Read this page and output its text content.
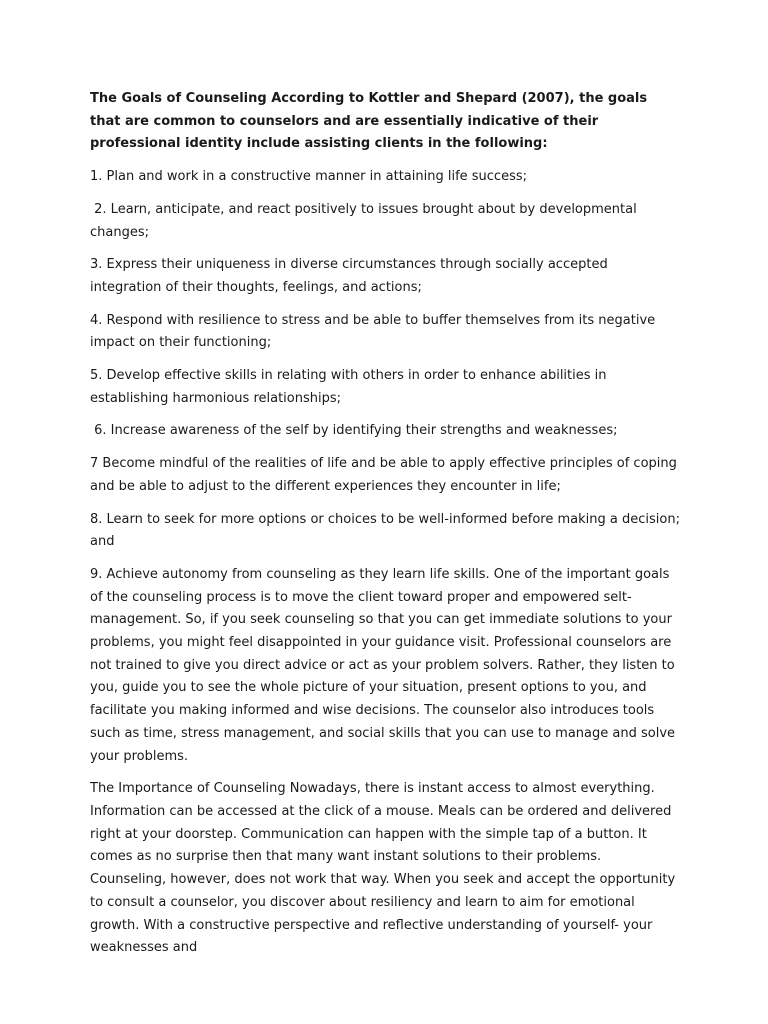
The Goals of Counseling According to Kottler and Shepard (2007), the goals that are common to counselors and are essentially indicative of their professional identity include assisting clients in the following:

1. Plan and work in a constructive manner in attaining life success;

2. Learn, anticipate, and react positively to issues brought about by developmental changes;

3. Express their uniqueness in diverse circumstances through socially accepted integration of their thoughts, feelings, and actions;

4. Respond with resilience to stress and be able to buffer themselves from its negative impact on their functioning;

5. Develop effective skills in relating with others in order to enhance abilities in establishing harmonious relationships;

6. Increase awareness of the self by identifying their strengths and weaknesses;

7 Become mindful of the realities of life and be able to apply effective principles of coping and be able to adjust to the different experiences they encounter in life;

8. Learn to seek for more options or choices to be well-informed before making a decision; and

9. Achieve autonomy from counseling as they learn life skills. One of the important goals of the counseling process is to move the client toward proper and empowered selt-management. So, if you seek counseling so that you can get immediate solutions to your problems, you might feel disappointed in your guidance visit. Professional counselors are not trained to give you direct advice or act as your problem solvers. Rather, they listen to you, guide you to see the whole picture of your situation, present options to you, and facilitate you making informed and wise decisions. The counselor also introduces tools such as time, stress management, and social skills that you can use to manage and solve your problems.

The Importance of Counseling Nowadays, there is instant access to almost everything. Information can be accessed at the click of a mouse. Meals can be ordered and delivered right at your doorstep. Communication can happen with the simple tap of a button. It comes as no surprise then that many want instant solutions to their problems. Counseling, however, does not work that way. When you seek and accept the opportunity to consult a counselor, you discover about resiliency and learn to aim for emotional growth. With a constructive perspective and reflective understanding of yourself- your weaknesses and
